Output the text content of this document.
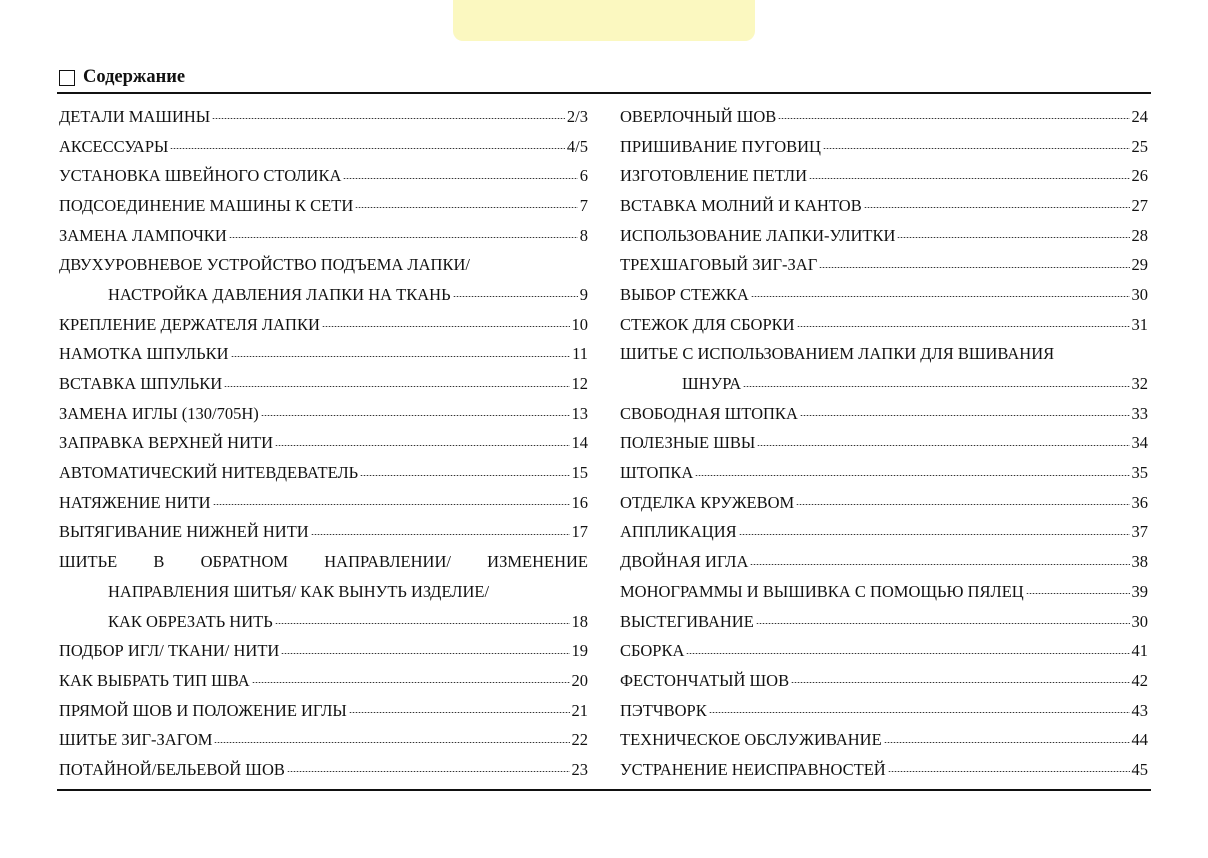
Содержание
ДЕТАЛИ МАШИНЫ	2/3
АКСЕССУАРЫ	4/5
УСТАНОВКА ШВЕЙНОГО СТОЛИКА	6
ПОДСОЕДИНЕНИЕ МАШИНЫ К СЕТИ	7
ЗАМЕНА ЛАМПОЧКИ	8
ДВУХУРОВНЕВОЕ УСТРОЙСТВО ПОДЪЕМА ЛАПКИ/
НАСТРОЙКА ДАВЛЕНИЯ ЛАПКИ НА ТКАНЬ	9
КРЕПЛЕНИЕ ДЕРЖАТЕЛЯ ЛАПКИ	10
НАМОТКА ШПУЛЬКИ	11
ВСТАВКА ШПУЛЬКИ	12
ЗАМЕНА ИГЛЫ (130/705H)	13
ЗАПРАВКА ВЕРХНЕЙ НИТИ	14
АВТОМАТИЧЕСКИЙ НИТЕВДЕВАТЕЛЬ	15
НАТЯЖЕНИЕ НИТИ	16
ВЫТЯГИВАНИЕ НИЖНЕЙ НИТИ	17
ШИТЬЕ В ОБРАТНОМ НАПРАВЛЕНИИ/ ИЗМЕНЕНИЕ
НАПРАВЛЕНИЯ ШИТЬЯ/ КАК ВЫНУТЬ ИЗДЕЛИЕ/
КАК ОБРЕЗАТЬ НИТЬ	18
ПОДБОР ИГЛ/ ТКАНИ/ НИТИ	19
КАК ВЫБРАТЬ ТИП ШВА	20
ПРЯМОЙ ШОВ И ПОЛОЖЕНИЕ ИГЛЫ	21
ШИТЬЕ ЗИГ-ЗАГОМ	22
ПОТАЙНОЙ/БЕЛЬЕВОЙ ШОВ	23
ОВЕРЛОЧНЫЙ ШОВ	24
ПРИШИВАНИЕ ПУГОВИЦ	25
ИЗГОТОВЛЕНИЕ ПЕТЛИ	26
ВСТАВКА МОЛНИЙ И КАНТОВ	27
ИСПОЛЬЗОВАНИЕ ЛАПКИ-УЛИТКИ	28
ТРЕХШАГОВЫЙ ЗИГ-ЗАГ	29
ВЫБОР СТЕЖКА	30
СТЕЖОК ДЛЯ СБОРКИ	31
ШИТЬЕ С ИСПОЛЬЗОВАНИЕМ ЛАПКИ ДЛЯ ВШИВАНИЯ
ШНУРА	32
СВОБОДНАЯ ШТОПКА	33
ПОЛЕЗНЫЕ ШВЫ	34
ШТОПКА	35
ОТДЕЛКА КРУЖЕВОМ	36
АППЛИКАЦИЯ	37
ДВОЙНАЯ ИГЛА	38
МОНОГРАММЫ И ВЫШИВКА С ПОМОЩЬЮ ПЯЛЕЦ	39
ВЫСТЕГИВАНИЕ	30
СБОРКА	41
ФЕСТОНЧАТЫЙ ШОВ	42
ПЭТЧВОРК	43
ТЕХНИЧЕСКОЕ ОБСЛУЖИВАНИЕ	44
УСТРАНЕНИЕ НЕИСПРАВНОСТЕЙ	45
